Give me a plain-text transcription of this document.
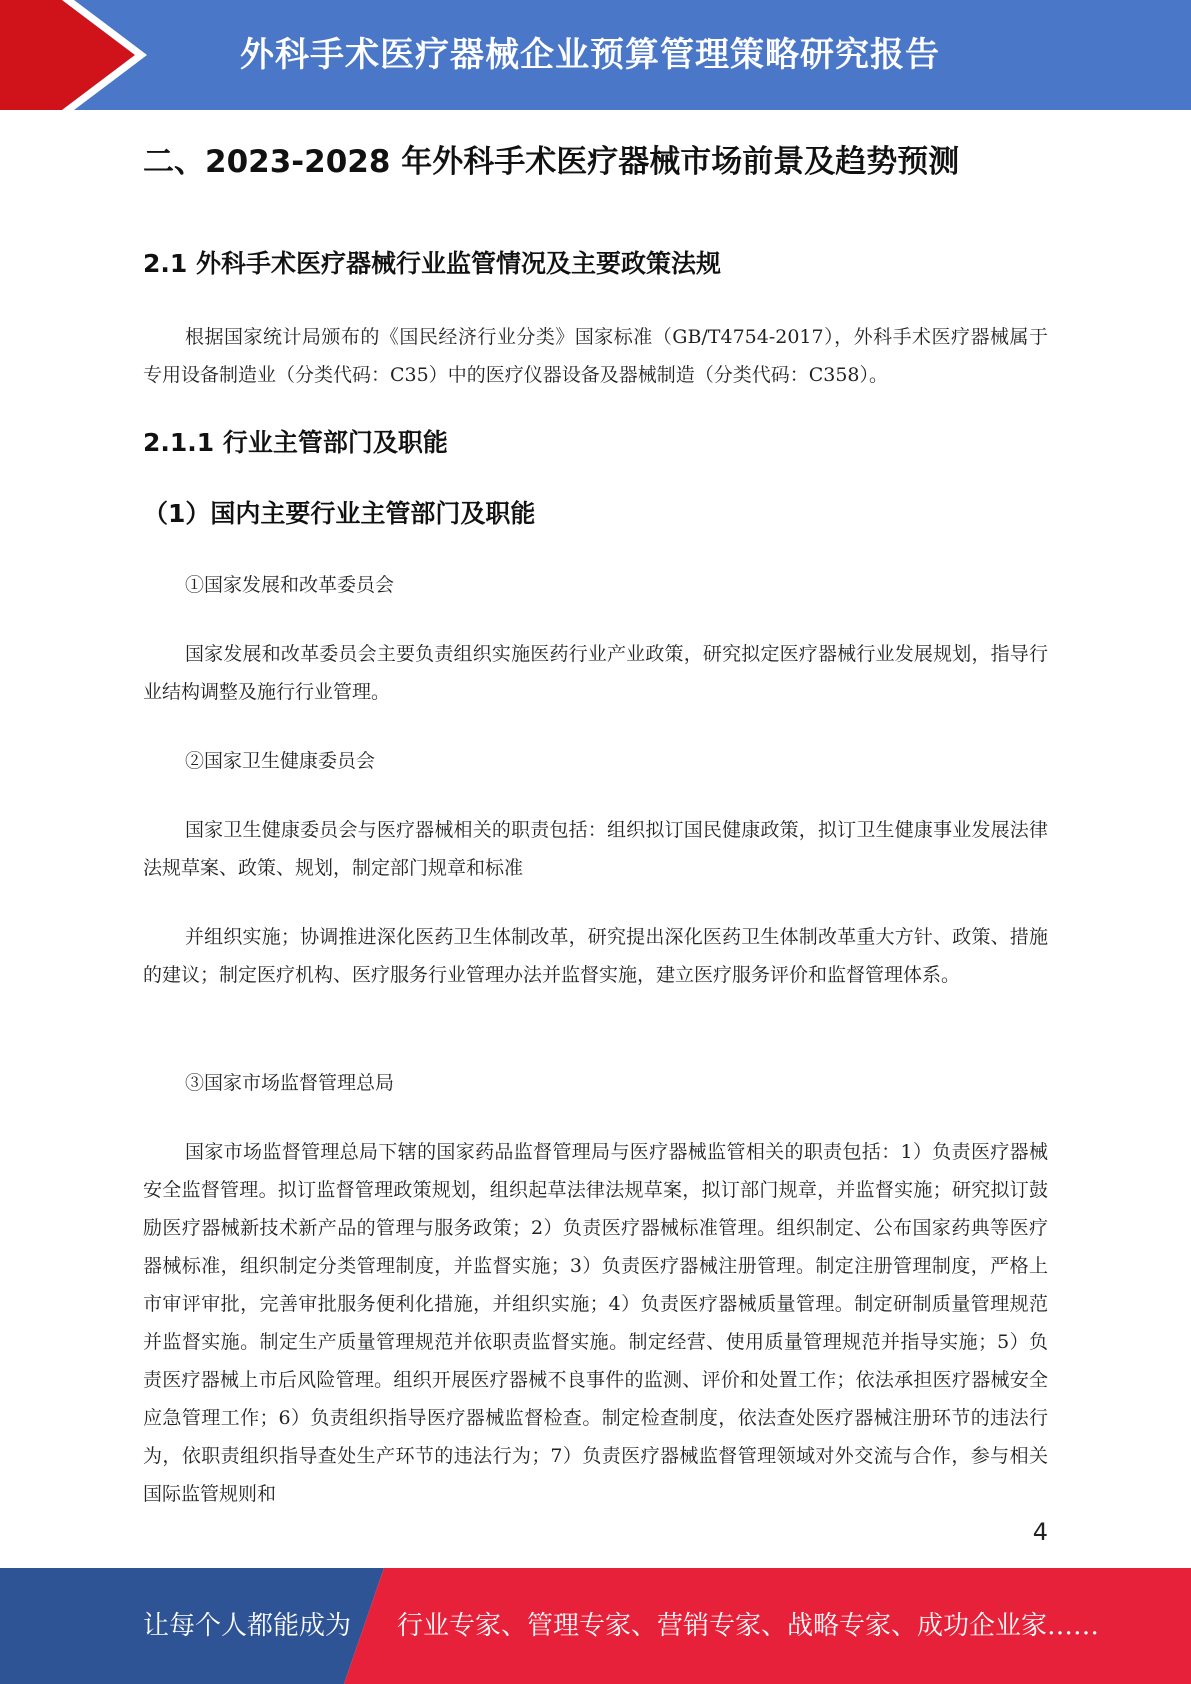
外科手术医疗器械企业预算管理策略研究报告
二、2023-2028 年外科手术医疗器械市场前景及趋势预测
2.1 外科手术医疗器械行业监管情况及主要政策法规

根据国家统计局颁布的《国民经济行业分类》国家标准（GB/T4754-2017），外科手术医疗器械属于专用设备制造业（分类代码：C35）中的医疗仪器设备及器械制造（分类代码：C358）。

2.1.1 行业主管部门及职能
（1）国内主要行业主管部门及职能

①国家发展和改革委员会

国家发展和改革委员会主要负责组织实施医药行业产业政策，研究拟定医疗器械行业发展规划，指导行业结构调整及施行行业管理。

②国家卫生健康委员会

国家卫生健康委员会与医疗器械相关的职责包括：组织拟订国民健康政策，拟订卫生健康事业发展法律法规草案、政策、规划，制定部门规章和标准

并组织实施；协调推进深化医药卫生体制改革，研究提出深化医药卫生体制改革重大方针、政策、措施的建议；制定医疗机构、医疗服务行业管理办法并监督实施，建立医疗服务评价和监督管理体系。

③国家市场监督管理总局

国家市场监督管理总局下辖的国家药品监督管理局与医疗器械监管相关的职责包括：1）负责医疗器械安全监督管理。拟订监督管理政策规划，组织起草法律法规草案，拟订部门规章，并监督实施；研究拟订鼓励医疗器械新技术新产品的管理与服务政策；2）负责医疗器械标准管理。组织制定、公布国家药典等医疗器械标准，组织制定分类管理制度，并监督实施；3）负责医疗器械注册管理。制定注册管理制度，严格上市审评审批，完善审批服务便利化措施，并组织实施；4）负责医疗器械质量管理。制定研制质量管理规范并监督实施。制定生产质量管理规范并依职责监督实施。制定经营、使用质量管理规范并指导实施；5）负责医疗器械上市后风险管理。组织开展医疗器械不良事件的监测、评价和处置工作；依法承担医疗器械安全应急管理工作；6）负责组织指导医疗器械监督检查。制定检查制度，依法查处医疗器械注册环节的违法行为，依职责组织指导查处生产环节的违法行为；7）负责医疗器械监督管理领域对外交流与合作，参与相关国际监管规则和

4
让每个人都能成为 行业专家、管理专家、营销专家、战略专家、成功企业家……
